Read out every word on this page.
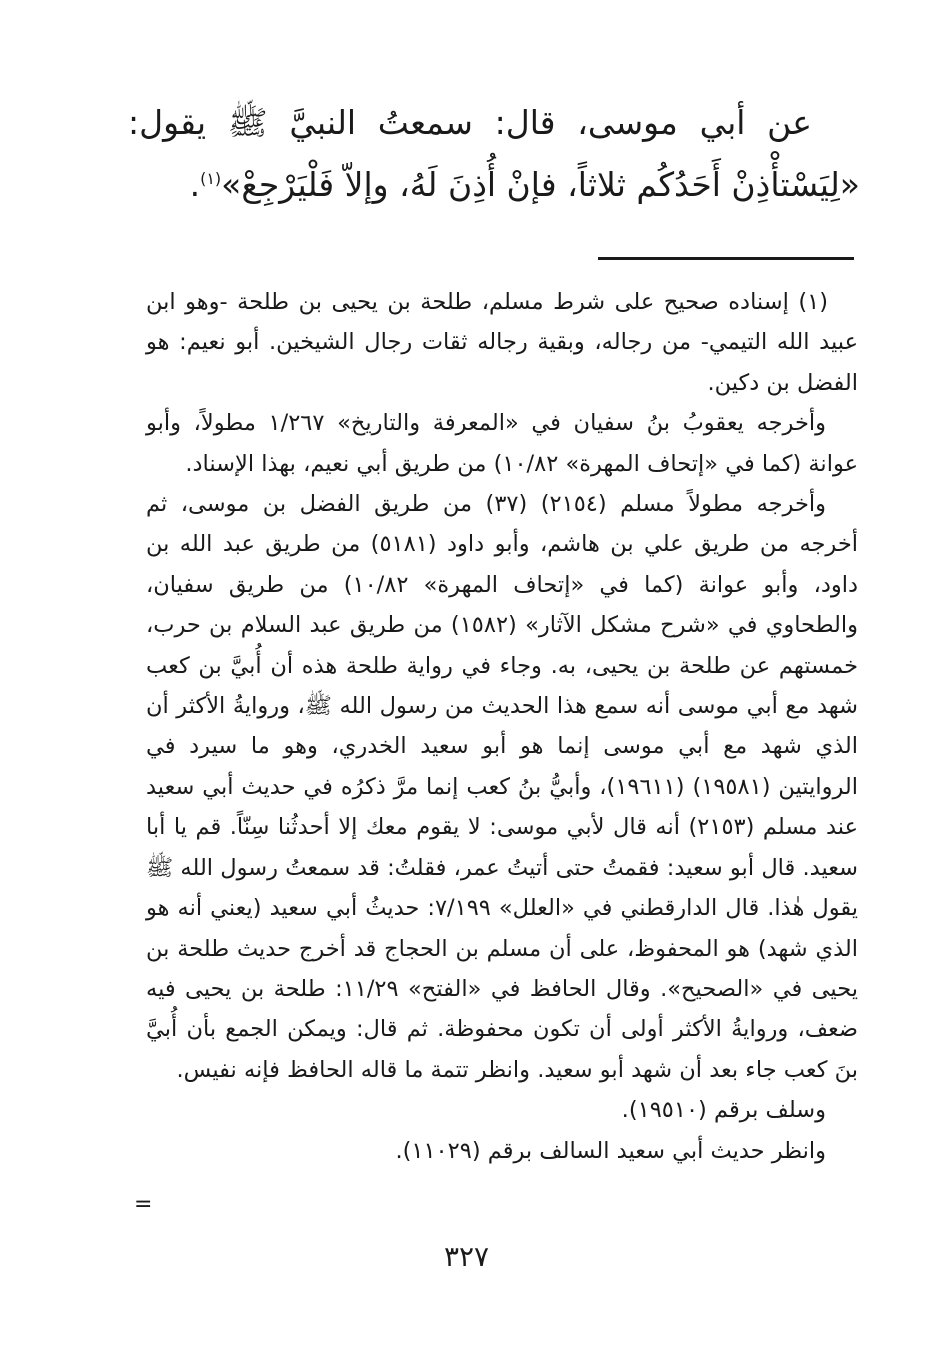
عن أبي موسى، قال: سمعتُ النبيَّ ﷺ يقول: «لِيَسْتأْذِنْ أَحَدُكُم ثلاثاً، فإنْ أُذِنَ لَهُ، وإلاّ فَلْيَرْجِعْ»$^{(١)}$.

(١) إسناده صحيح على شرط مسلم، طلحة بن يحيى بن طلحة -وهو ابن عبيد الله التيمي- من رجاله، وبقية رجاله ثقات رجال الشيخين. أبو نعيم: هو الفضل بن دكين.

وأخرجه يعقوبُ بنُ سفيان في «المعرفة والتاريخ» ١/٢٦٧ مطولاً، وأبو عوانة (كما في «إتحاف المهرة» ١٠/٨٢) من طريق أبي نعيم، بهذا الإسناد.

وأخرجه مطولاً مسلم (٢١٥٤) (٣٧) من طريق الفضل بن موسى، ثم أخرجه من طريق علي بن هاشم، وأبو داود (٥١٨١) من طريق عبد الله بن داود، وأبو عوانة (كما في «إتحاف المهرة» ١٠/٨٢) من طريق سفيان، والطحاوي في «شرح مشكل الآثار» (١٥٨٢) من طريق عبد السلام بن حرب، خمستهم عن طلحة بن يحيى، به. وجاء في رواية طلحة هذه أن أُبيَّ بن كعب شهد مع أبي موسى أنه سمع هذا الحديث من رسول الله ﷺ، وروايةُ الأكثر أن الذي شهد مع أبي موسى إنما هو أبو سعيد الخدري، وهو ما سيرد في الروايتين (١٩٥٨١) (١٩٦١١)، وأبيُّ بنُ كعب إنما مرَّ ذكرُه في حديث أبي سعيد عند مسلم (٢١٥٣) أنه قال لأبي موسى: لا يقوم معك إلا أحدثُنا سِنّاً. قم يا أبا سعيد. قال أبو سعيد: فقمتُ حتى أتيتُ عمر، فقلتُ: قد سمعتُ رسول الله ﷺ يقول هٰذا. قال الدارقطني في «العلل» ٧/١٩٩: حديثُ أبي سعيد (يعني أنه هو الذي شهد) هو المحفوظ، على أن مسلم بن الحجاج قد أخرج حديث طلحة بن يحيى في «الصحيح». وقال الحافظ في «الفتح» ١١/٢٩: طلحة بن يحيى فيه ضعف، وروايةُ الأكثر أولى أن تكون محفوظة. ثم قال: ويمكن الجمع بأن أُبيَّ بنَ كعب جاء بعد أن شهد أبو سعيد. وانظر تتمة ما قاله الحافظ فإنه نفيس.

وسلف برقم (١٩٥١٠).

وانظر حديث أبي سعيد السالف برقم (١١٠٢٩).

=
٣٢٧
